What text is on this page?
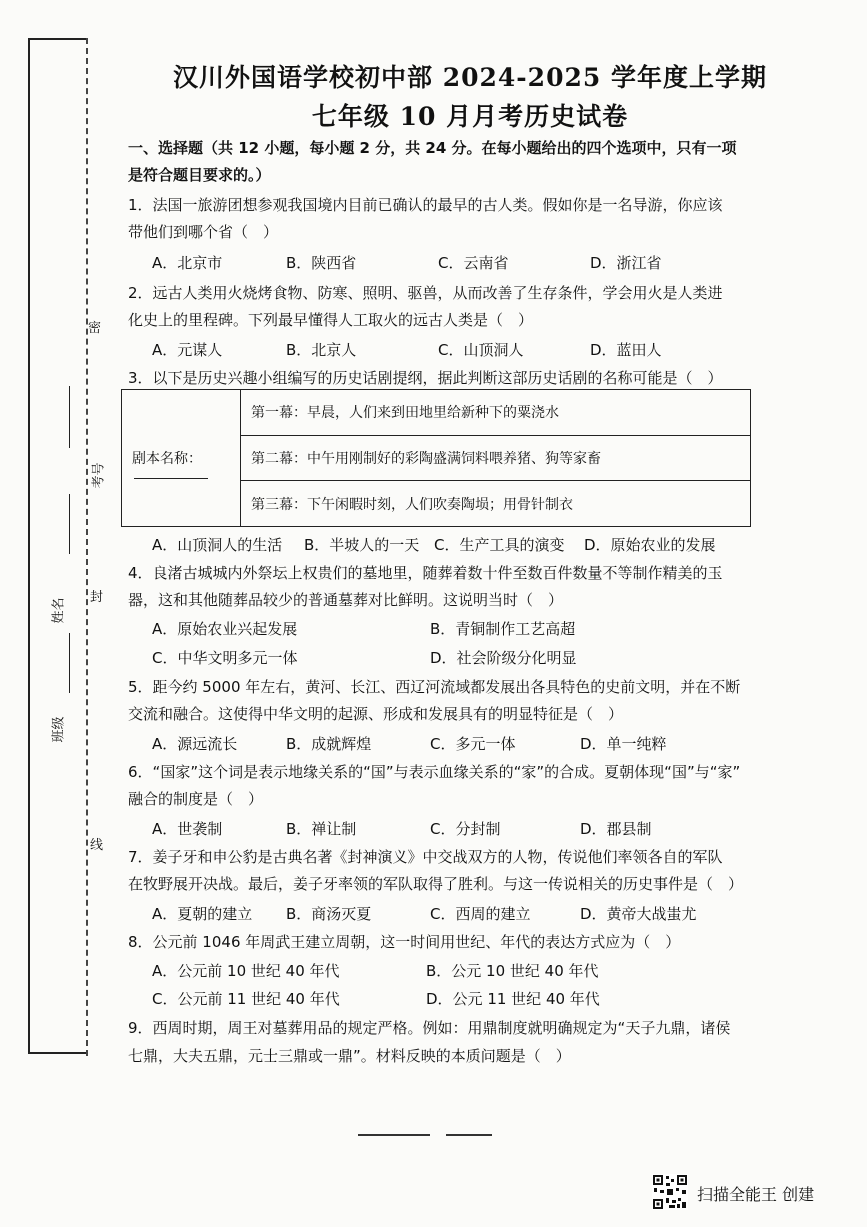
考号
姓名
班级
密
封
线
汉川外国语学校初中部 2024-2025 学年度上学期
七年级 10 月月考历史试卷
一、选择题（共 12 小题，每小题 2 分，共 24 分。在每小题给出的四个选项中，只有一项
是符合题目要求的。）
1．法国一旅游团想参观我国境内目前已确认的最早的古人类。假如你是一名导游，你应该
带他们到哪个省（　）
A．北京市	B．陕西省	C．云南省	D．浙江省
2．远古人类用火烧烤食物、防寒、照明、驱兽，从而改善了生存条件，学会用火是人类进
化史上的里程碑。下列最早懂得人工取火的远古人类是（　）
A．元谋人	B．北京人	C．山顶洞人	D．蓝田人
3．以下是历史兴趣小组编写的历史话剧提纲，据此判断这部历史话剧的名称可能是（　）
剧本名称：
	第一幕：早晨，人们来到田地里给新种下的粟浇水
第二幕：中午用刚制好的彩陶盛满饲料喂养猪、狗等家畜
第三幕：下午闲暇时刻，人们吹奏陶埙；用骨针制衣
A．山顶洞人的生活 B．半坡人的一天 C．生产工具的演变 D．原始农业的发展
4．良渚古城城内外祭坛上权贵们的墓地里，随葬着数十件至数百件数量不等制作精美的玉
器，这和其他随葬品较少的普通墓葬对比鲜明。这说明当时（　）
A．原始农业兴起发展	B．青铜制作工艺高超
C．中华文明多元一体	D．社会阶级分化明显
5．距今约 5000 年左右，黄河、长江、西辽河流域都发展出各具特色的史前文明，并在不断
交流和融合。这使得中华文明的起源、形成和发展具有的明显特征是（　）
A．源远流长	B．成就辉煌	C．多元一体	D．单一纯粹
6．“国家”这个词是表示地缘关系的“国”与表示血缘关系的“家”的合成。夏朝体现“国”与“家”
融合的制度是（　）
A．世袭制	B．禅让制	C．分封制	D．郡县制
7．姜子牙和申公豹是古典名著《封神演义》中交战双方的人物，传说他们率领各自的军队
在牧野展开决战。最后，姜子牙率领的军队取得了胜利。与这一传说相关的历史事件是（　）
A．夏朝的建立 B．商汤灭夏	C．西周的建立	D．黄帝大战蚩尤
8．公元前 1046 年周武王建立周朝，这一时间用世纪、年代的表达方式应为（　）
A．公元前 10 世纪 40 年代	B．公元 10 世纪 40 年代
C．公元前 11 世纪 40 年代	D．公元 11 世纪 40 年代
9．西周时期，周王对墓葬用品的规定严格。例如：用鼎制度就明确规定为“天子九鼎，诸侯
七鼎，大夫五鼎，元士三鼎或一鼎”。材料反映的本质问题是（　）
扫描全能王 创建
